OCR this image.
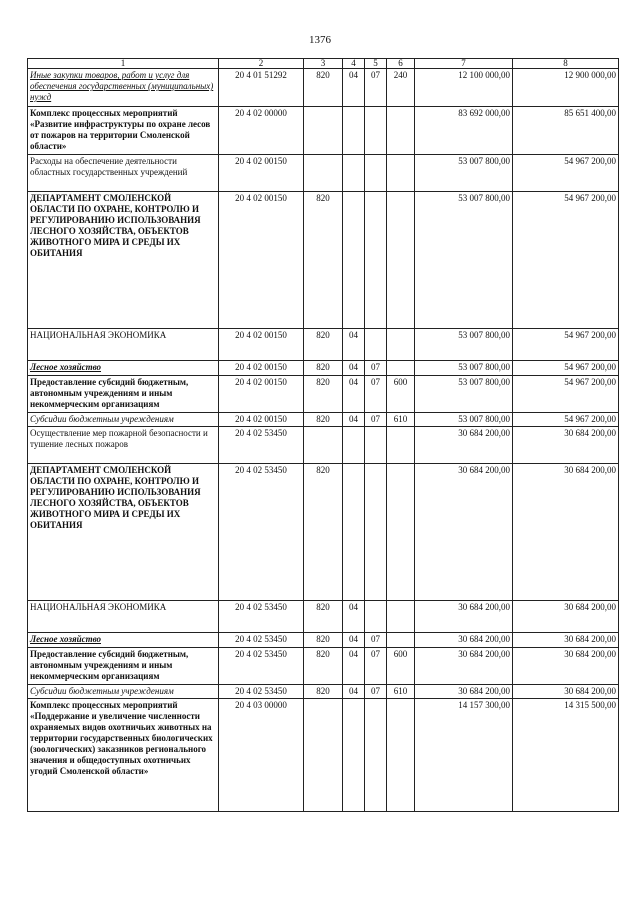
1376
1	2	3	4	5	6	7	8
Иные закупки товаров, работ и услуг для обеспечения государственных (муниципальных) нужд	20 4 01 51292	820	04	07	240	12 100 000,00	12 900 000,00
Комплекс процессных мероприятий «Развитие инфраструктуры по охране лесов от пожаров на территории Смоленской области»	20 4 02 00000					83 692 000,00	85 651 400,00
Расходы на обеспечение деятельности областных государственных учреждений	20 4 02 00150					53 007 800,00	54 967 200,00
ДЕПАРТАМЕНТ СМОЛЕНСКОЙ ОБЛАСТИ ПО ОХРАНЕ, КОНТРОЛЮ И РЕГУЛИРОВАНИЮ ИСПОЛЬЗОВАНИЯ ЛЕСНОГО ХОЗЯЙСТВА, ОБЪЕКТОВ ЖИВОТНОГО МИРА И СРЕДЫ ИХ ОБИТАНИЯ	20 4 02 00150	820				53 007 800,00	54 967 200,00
НАЦИОНАЛЬНАЯ ЭКОНОМИКА	20 4 02 00150	820	04			53 007 800,00	54 967 200,00
Лесное хозяйство	20 4 02 00150	820	04	07		53 007 800,00	54 967 200,00
Предоставление субсидий бюджетным, автономным учреждениям и иным некоммерческим организациям	20 4 02 00150	820	04	07	600	53 007 800,00	54 967 200,00
Субсидии бюджетным учреждениям	20 4 02 00150	820	04	07	610	53 007 800,00	54 967 200,00
Осуществление мер пожарной безопасности и тушение лесных пожаров	20 4 02 53450					30 684 200,00	30 684 200,00
ДЕПАРТАМЕНТ СМОЛЕНСКОЙ ОБЛАСТИ ПО ОХРАНЕ, КОНТРОЛЮ И РЕГУЛИРОВАНИЮ ИСПОЛЬЗОВАНИЯ ЛЕСНОГО ХОЗЯЙСТВА, ОБЪЕКТОВ ЖИВОТНОГО МИРА И СРЕДЫ ИХ ОБИТАНИЯ	20 4 02 53450	820				30 684 200,00	30 684 200,00
НАЦИОНАЛЬНАЯ ЭКОНОМИКА	20 4 02 53450	820	04			30 684 200,00	30 684 200,00
Лесное хозяйство	20 4 02 53450	820	04	07		30 684 200,00	30 684 200,00
Предоставление субсидий бюджетным, автономным учреждениям и иным некоммерческим организациям	20 4 02 53450	820	04	07	600	30 684 200,00	30 684 200,00
Субсидии бюджетным учреждениям	20 4 02 53450	820	04	07	610	30 684 200,00	30 684 200,00
Комплекс процессных мероприятий «Поддержание и увеличение численности охраняемых видов охотничьих животных на территории государственных биологических (зоологических) заказников регионального значения и общедоступных охотничьих угодий Смоленской области»	20 4 03 00000					14 157 300,00	14 315 500,00
